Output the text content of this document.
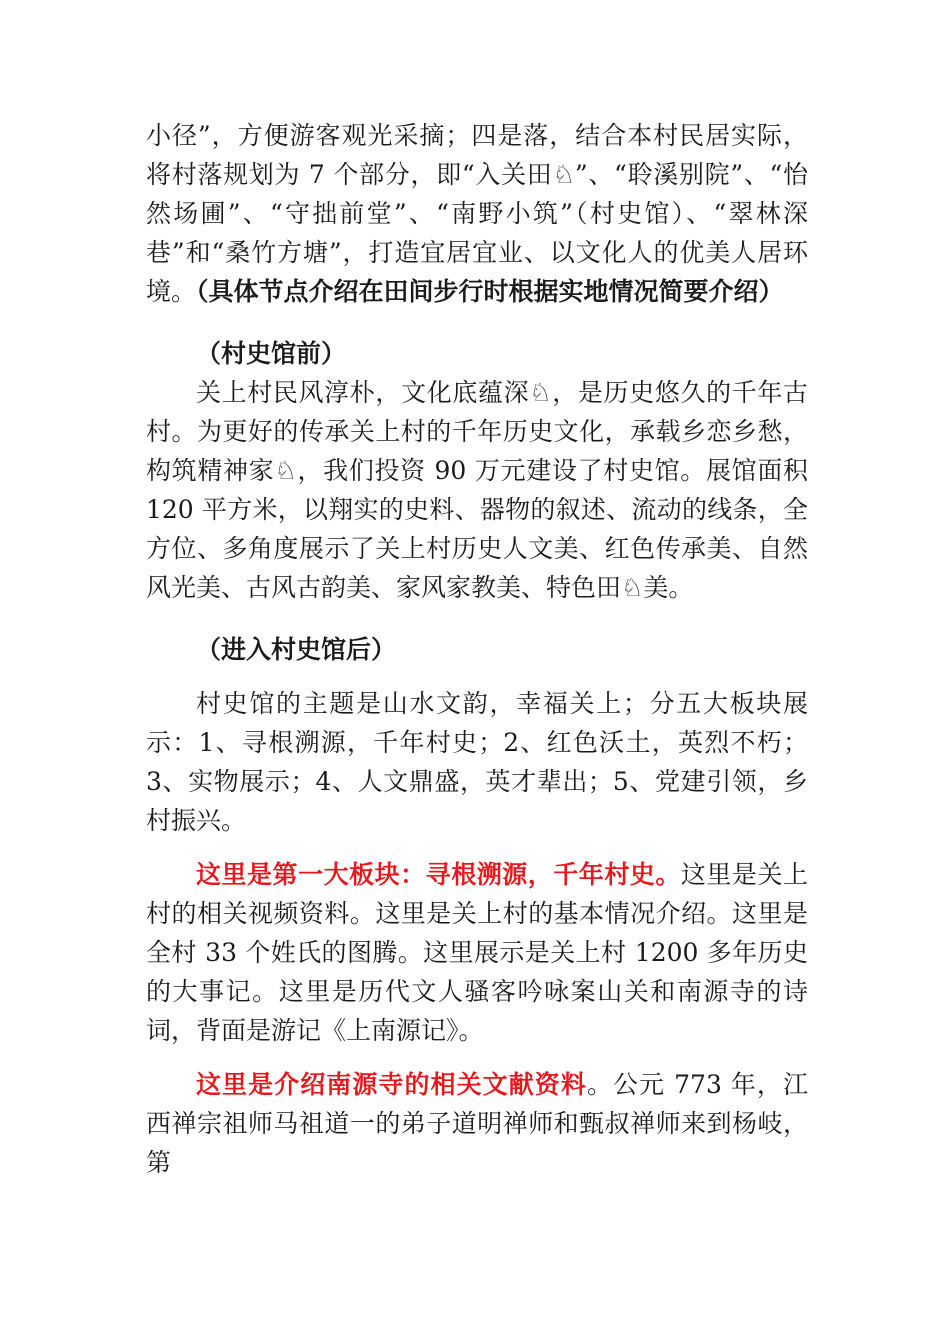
小径”，方便游客观光采摘；四是落，结合本村民居实际，将村落规划为 7 个部分，即“入关田♘”、“聆溪别院”、“怡然场圃”、“守拙前堂”、“南野小筑”（村史馆）、“翠林深巷”和“桑竹方塘”，打造宜居宜业、以文化人的优美人居环境。（具体节点介绍在田间步行时根据实地情况简要介绍）

（村史馆前）

关上村民风淳朴，文化底蕴深♘，是历史悠久的千年古村。为更好的传承关上村的千年历史文化，承载乡恋乡愁，构筑精神家♘，我们投资 90 万元建设了村史馆。展馆面积 120 平方米，以翔实的史料、器物的叙述、流动的线条，全方位、多角度展示了关上村历史人文美、红色传承美、自然风光美、古风古韵美、家风家教美、特色田♘美。

（进入村史馆后）

村史馆的主题是山水文韵，幸福关上；分五大板块展示：1、寻根溯源，千年村史；2、红色沃土，英烈不朽；3、实物展示；4、人文鼎盛，英才辈出；5、党建引领，乡村振兴。

这里是第一大板块：寻根溯源，千年村史。这里是关上村的相关视频资料。这里是关上村的基本情况介绍。这里是全村 33 个姓氏的图腾。这里展示是关上村 1200 多年历史的大事记。这里是历代文人骚客吟咏案山关和南源寺的诗词，背面是游记《上南源记》。

这里是介绍南源寺的相关文献资料。公元 773 年，江西禅宗祖师马祖道一的弟子道明禅师和甄叔禅师来到杨岐，第
